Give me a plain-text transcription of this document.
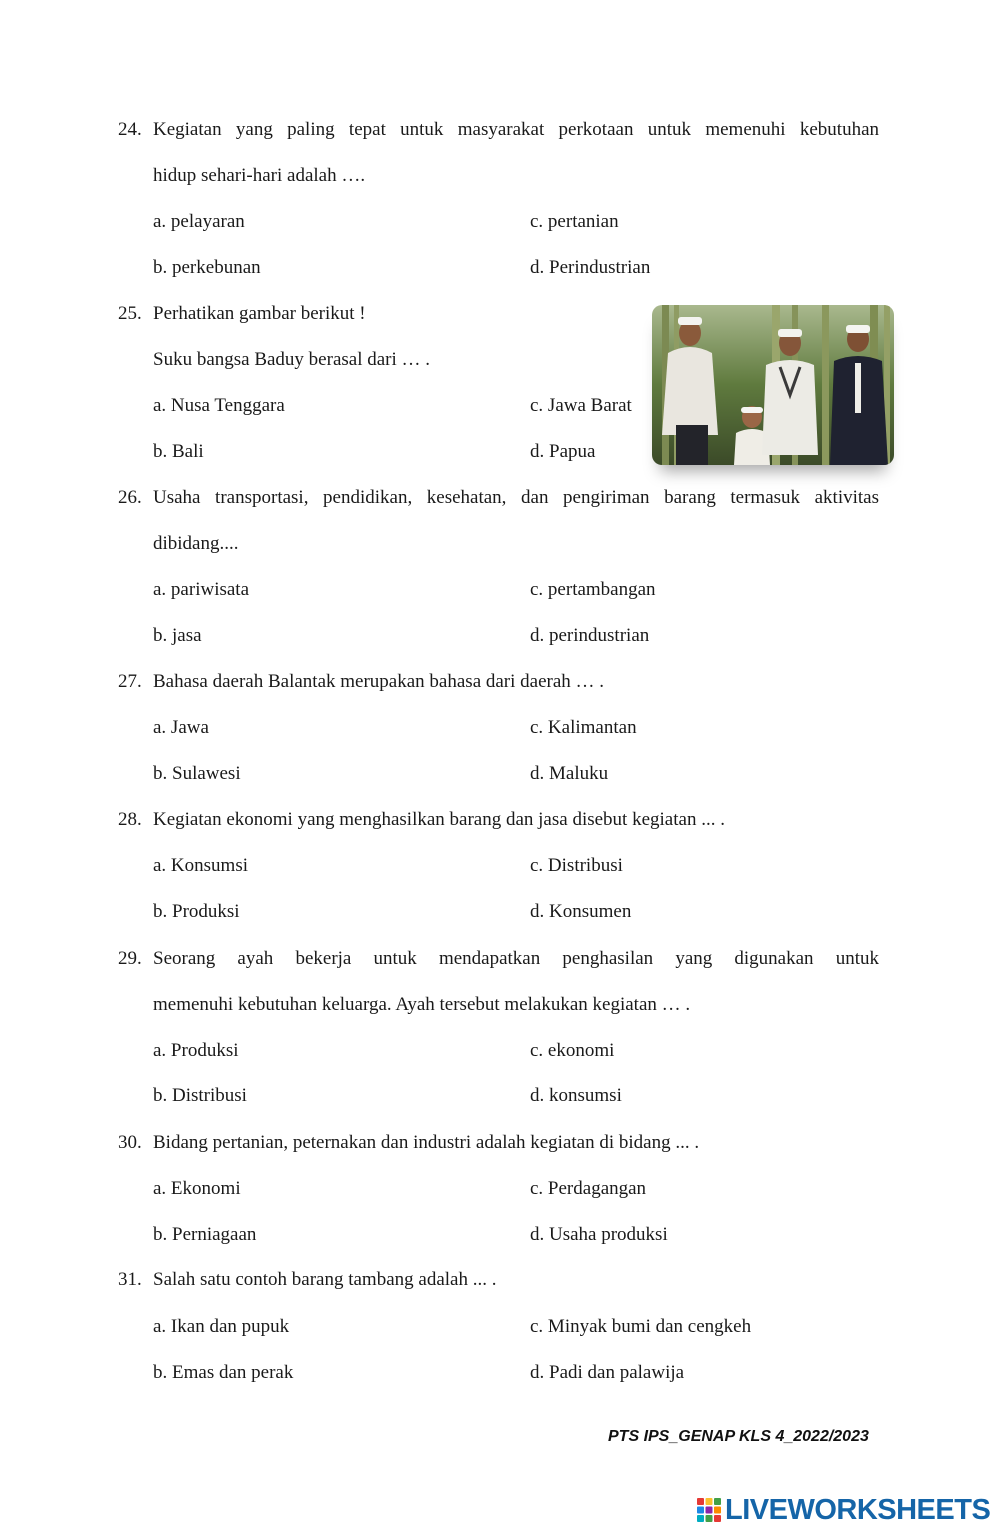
24. Kegiatan yang paling tepat untuk masyarakat perkotaan untuk memenuhi kebutuhan
hidup sehari-hari adalah ….
a. pelayaran	c. pertanian
b. perkebunan	d. Perindustrian
25. Perhatikan gambar berikut !
Suku bangsa Baduy berasal dari … .
a. Nusa Tenggara	c. Jawa Barat
b. Bali	d. Papua
26. Usaha transportasi, pendidikan, kesehatan, dan pengiriman barang termasuk aktivitas
dibidang....
a. pariwisata	c. pertambangan
b. jasa	d. perindustrian
27. Bahasa daerah Balantak merupakan bahasa dari daerah … .
a. Jawa	c. Kalimantan
b. Sulawesi	d. Maluku
28. Kegiatan ekonomi yang menghasilkan barang dan jasa disebut kegiatan ... .
a. Konsumsi	c. Distribusi
b. Produksi	d. Konsumen
29. Seorang ayah bekerja untuk mendapatkan penghasilan yang digunakan untuk
memenuhi kebutuhan keluarga. Ayah tersebut melakukan kegiatan … .
a. Produksi	c. ekonomi
b. Distribusi	d. konsumsi
30. Bidang pertanian, peternakan dan industri adalah kegiatan di bidang ... .
a. Ekonomi	c. Perdagangan
b. Perniagaan	d. Usaha produksi
31. Salah satu contoh barang tambang adalah ... .
a. Ikan dan pupuk	c. Minyak bumi dan cengkeh
b. Emas dan perak	d. Padi dan palawija
PTS IPS_GENAP KLS 4_2022/2023
LIVEWORKSHEETS
